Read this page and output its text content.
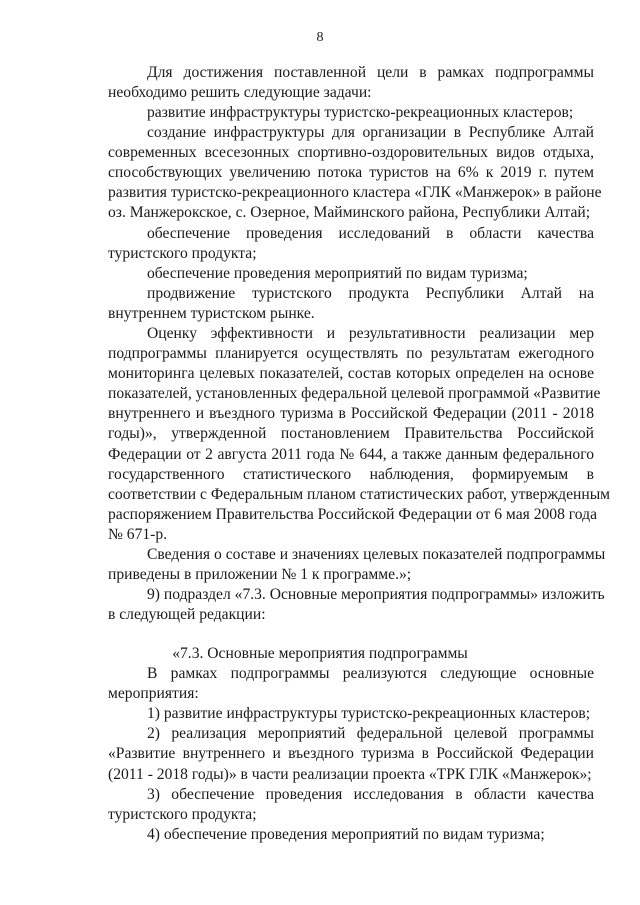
8
Для достижения поставленной цели в рамках подпрограммы
необходимо решить следующие задачи:
развитие инфраструктуры туристско-рекреационных кластеров;
создание инфраструктуры для организации в Республике Алтай
современных всесезонных спортивно-оздоровительных видов отдыха,
способствующих увеличению потока туристов на 6% к 2019 г. путем
развития туристско-рекреационного кластера «ГЛК «Манжерок» в районе
оз. Манжерокское, с. Озерное, Майминского района, Республики Алтай;
обеспечение проведения исследований в области качества
туристского продукта;
обеспечение проведения мероприятий по видам туризма;
продвижение туристского продукта Республики Алтай на
внутреннем туристском рынке.
Оценку эффективности и результативности реализации мер
подпрограммы планируется осуществлять по результатам ежегодного
мониторинга целевых показателей, состав которых определен на основе
показателей, установленных федеральной целевой программой «Развитие
внутреннего и въездного туризма в Российской Федерации (2011 - 2018
годы)», утвержденной постановлением Правительства Российской
Федерации от 2 августа 2011 года № 644, а также данным федерального
государственного статистического наблюдения, формируемым в
соответствии с Федеральным планом статистических работ, утвержденным
распоряжением Правительства Российской Федерации от 6 мая 2008 года
№ 671-р.
Сведения о составе и значениях целевых показателей подпрограммы
приведены в приложении № 1 к программе.»;
9) подраздел «7.3. Основные мероприятия подпрограммы» изложить
в следующей редакции:
«7.3. Основные мероприятия подпрограммы
В рамках подпрограммы реализуются следующие основные
мероприятия:
1) развитие инфраструктуры туристско-рекреационных кластеров;
2) реализация мероприятий федеральной целевой программы
«Развитие внутреннего и въездного туризма в Российской Федерации
(2011 - 2018 годы)» в части реализации проекта «ТРК ГЛК «Манжерок»;
3) обеспечение проведения исследования в области качества
туристского продукта;
4) обеспечение проведения мероприятий по видам туризма;
